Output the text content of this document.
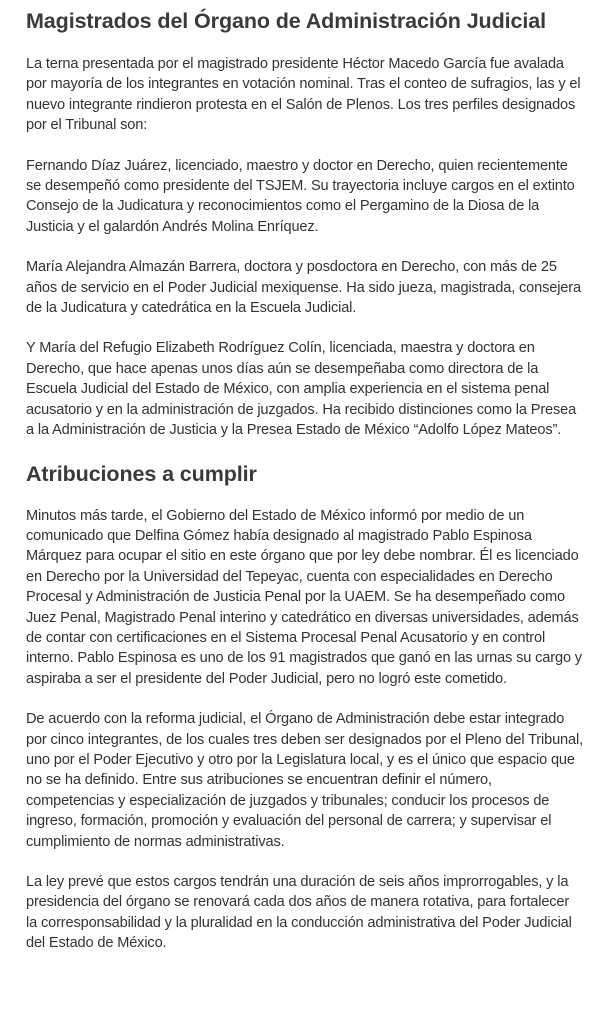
Magistrados del Órgano de Administración Judicial

La terna presentada por el magistrado presidente Héctor Macedo García fue avalada por mayoría de los integrantes en votación nominal. Tras el conteo de sufragios, las y el nuevo integrante rindieron protesta en el Salón de Plenos. Los tres perfiles designados por el Tribunal son:

Fernando Díaz Juárez, licenciado, maestro y doctor en Derecho, quien recientemente se desempeñó como presidente del TSJEM. Su trayectoria incluye cargos en el extinto Consejo de la Judicatura y reconocimientos como el Pergamino de la Diosa de la Justicia y el galardón Andrés Molina Enríquez.

María Alejandra Almazán Barrera, doctora y posdoctora en Derecho, con más de 25 años de servicio en el Poder Judicial mexiquense. Ha sido jueza, magistrada, consejera de la Judicatura y catedrática en la Escuela Judicial.

Y María del Refugio Elizabeth Rodríguez Colín, licenciada, maestra y doctora en Derecho, que hace apenas unos días aún se desempeñaba como directora de la Escuela Judicial del Estado de México, con amplia experiencia en el sistema penal acusatorio y en la administración de juzgados. Ha recibido distinciones como la Presea a la Administración de Justicia y la Presea Estado de México “Adolfo López Mateos”.

Atribuciones a cumplir

Minutos más tarde, el Gobierno del Estado de México informó por medio de un comunicado que Delfina Gómez había designado al magistrado Pablo Espinosa Márquez para ocupar el sitio en este órgano que por ley debe nombrar. Él es licenciado en Derecho por la Universidad del Tepeyac, cuenta con especialidades en Derecho Procesal y Administración de Justicia Penal por la UAEM. Se ha desempeñado como Juez Penal, Magistrado Penal interino y catedrático en diversas universidades, además de contar con certificaciones en el Sistema Procesal Penal Acusatorio y en control interno. Pablo Espinosa es uno de los 91 magistrados que ganó en las urnas su cargo y aspiraba a ser el presidente del Poder Judicial, pero no logró este cometido.

De acuerdo con la reforma judicial, el Órgano de Administración debe estar integrado por cinco integrantes, de los cuales tres deben ser designados por el Pleno del Tribunal, uno por el Poder Ejecutivo y otro por la Legislatura local, y es el único que espacio que no se ha definido. Entre sus atribuciones se encuentran definir el número, competencias y especialización de juzgados y tribunales; conducir los procesos de ingreso, formación, promoción y evaluación del personal de carrera; y supervisar el cumplimiento de normas administrativas.

La ley prevé que estos cargos tendrán una duración de seis años improrrogables, y la presidencia del órgano se renovará cada dos años de manera rotativa, para fortalecer la corresponsabilidad y la pluralidad en la conducción administrativa del Poder Judicial del Estado de México.
